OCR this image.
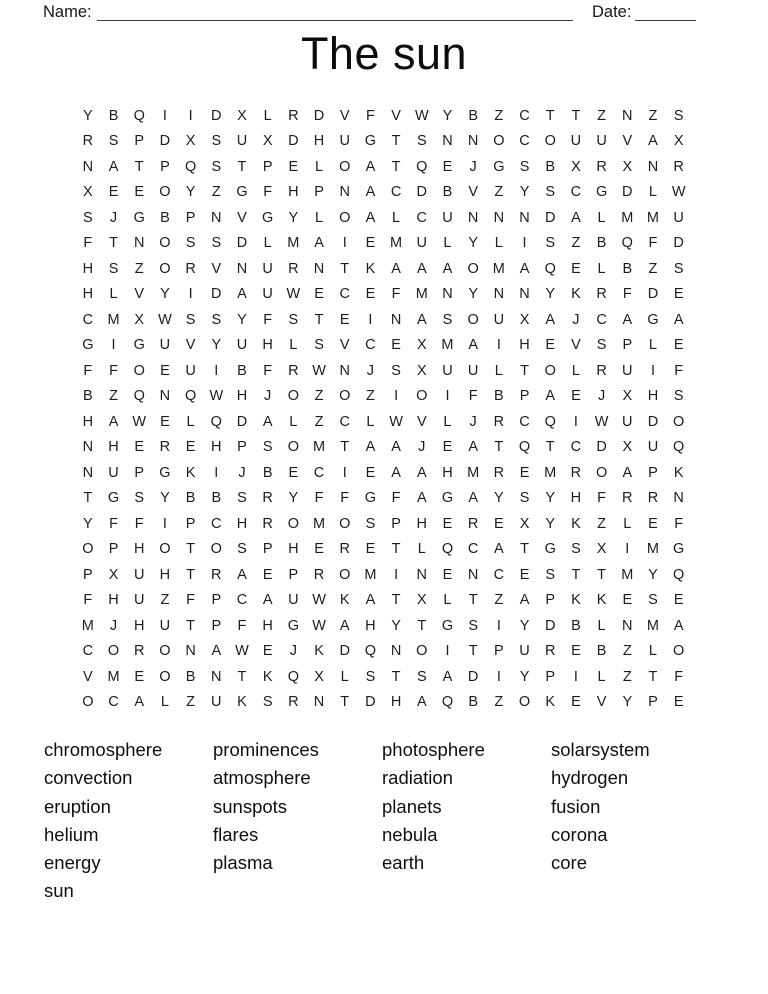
Name:	Date:
The sun
Y	B	Q	I	I	D	X	L	R	D	V	F	V W Y	B	Z	C	T	T	Z	N	Z	S
R	S	P	D	X	S	U	X	D	H	U	G	T	S	N	N	O	C	O	U	U	V	A	X
N	A	T	P	Q	S	T	P	E	L	O	A	T	Q	E	J	G	S	B	X	R	X	N	R
X	E	E	O	Y	Z	G	F	H	P	N	A	C	D	B	V	Z	Y	S	C	G	D	L	W
S	J	G	B	P	N	V	G	Y	L	O	A	L	C	U	N	N	N	D	A	L	M M U
F	T	N	O	S	S	D	L	M	A	I	E	M U	L	Y	L	I	S	Z	B	Q	F	D
H	S	Z	O	R	V	N	U	R	N	T	K	A	A	A	O M	A	Q	E	L	B	Z	S
H	L	V	Y	I	D	A	U W E	C	E	F	M N	Y	N	N	Y	K	R	F	D	E
C M	X W S	S	Y	F	S	T	E	I	N	A	S	O	U	X	A	J	C	A	G	A
G	I	G	U	V	Y	U	H	L	S	V	C	E	X	M	A	I	H	E	V	S	P	L	E
F	F	O	E	U	I	B	F	R W N	J	S	X	U	U	L	T	O	L	R	U	I	F
B	Z	Q	N	Q W H	J	O	Z	O	Z	I	O	I	F	B	P	A	E	J	X	H	S
H	A W E	L	Q	D	A	L	Z	C	L	W V	L	J	R	C	Q	I	W U	D	O
N	H	E	R	E	H	P	S	O M	T	A	A	J	E	A	T	Q	T	C	D	X	U	Q
N	U	P	G	K	I	J	B	E	C	I	E	A	A	H M R	E	M R	O	A	P	K
T	G	S	Y	B	B	S	R	Y	F	F	G	F	A	G	A	Y	S	Y	H	F	R	R	N
Y	F	F	I	P	C	H	R	O M O	S	P	H	E	R	E	X	Y	K	Z	L	E	F
O	P	H	O	T	O	S	P	H	E	R	E	T	L	Q	C	A	T	G	S	X	I	M G
P	X	U	H	T	R	A	E	P	R	O M	I	N	E	N	C	E	S	T	T	M	Y	Q
F	H	U	Z	F	P	C	A	U W K	A	T	X	L	T	Z	A	P	K	K	E	S	E
M	J	H	U	T	P	F	H	G W A	H	Y	T	G	S	I	Y	D	B	L	N M	A
C	O	R	O	N	A W E	J	K	D	Q	N	O	I	T	P	U	R	E	B	Z	L	O
V	M	E	O	B	N	T	K	Q	X	L	S	T	S	A	D	I	Y	P	I	L	Z	T	F
O	C	A	L	Z	U	K	S	R	N	T	D	H	A	Q	B	Z	O	K	E	V	Y	P	E
chromosphere
convection
eruption
helium
energy
sun
prominences
atmosphere
sunspots
flares
plasma
photosphere
radiation
planets
nebula
earth
solarsystem
hydrogen
fusion
corona
core
